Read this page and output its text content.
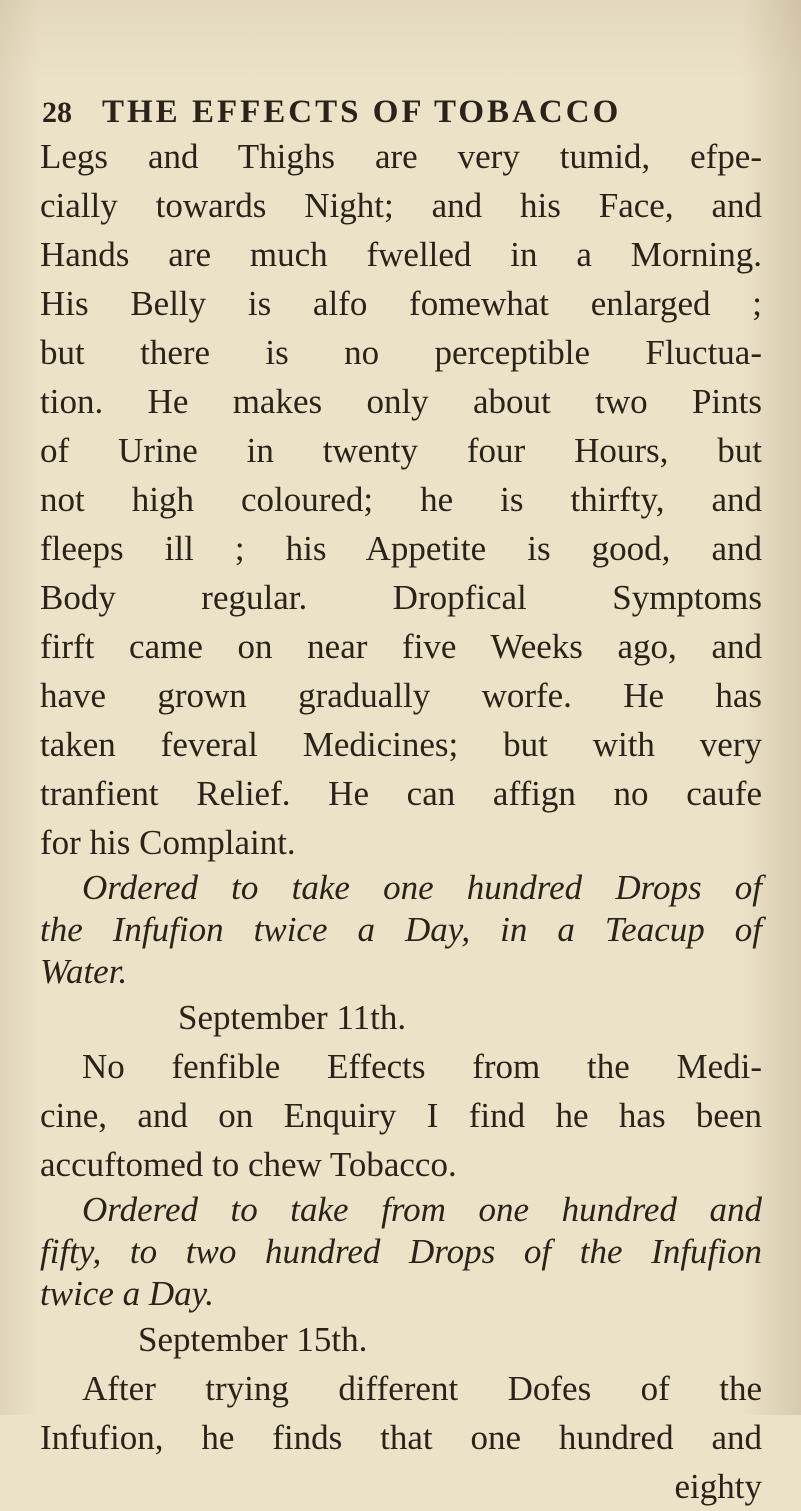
28 THE EFFECTS OF TOBACCO
Legs and Thighs are very tumid, efpe-
cially towards Night; and his Face, and
Hands are much fwelled in a Morning.
His Belly is alfo fomewhat enlarged ;
but there is no perceptible Fluctua-
tion. He makes only about two Pints
of Urine in twenty four Hours, but
not high coloured; he is thirfty, and
fleeps ill ; his Appetite is good, and
Body regular. Dropfical Symptoms
firft came on near five Weeks ago, and
have grown gradually worfe. He has
taken feveral Medicines; but with very
tranfient Relief. He can affign no caufe
for his Complaint.
Ordered to take one hundred Drops of
the Infufion twice a Day, in a Teacup of
Water.
September 11th.
No fenfible Effects from the Medi-
cine, and on Enquiry I find he has been
accuftomed to chew Tobacco.
Ordered to take from one hundred and
fifty, to two hundred Drops of the Infufion
twice a Day.
September 15th.
After trying different Dofes of the
Infufion, he finds that one hundred and
eighty
